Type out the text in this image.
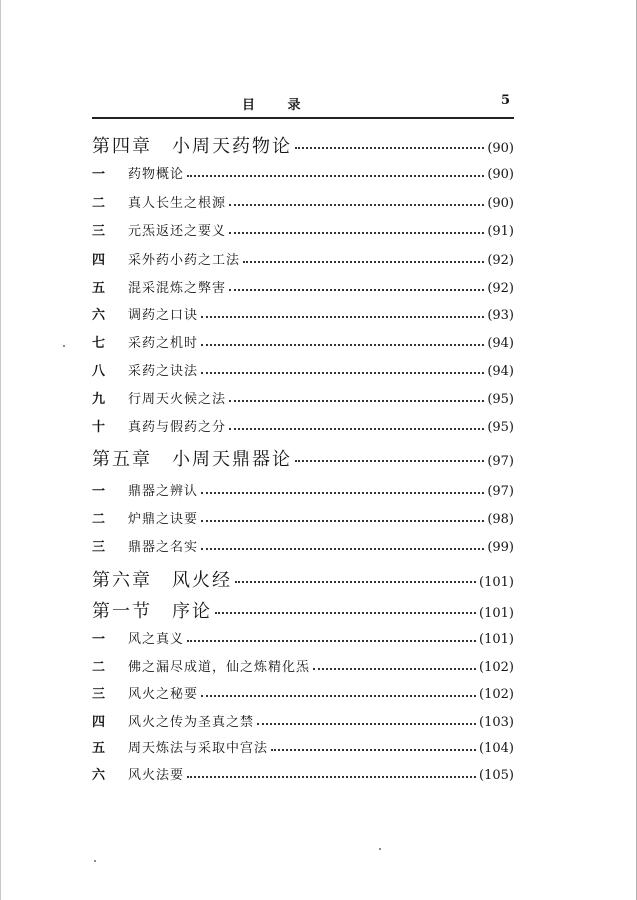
目 录	5
第四章　小周天药物论	(90)
一	药物概论	(90)
二	真人长生之根源	(90)
三	元炁返还之要义	(91)
四	采外药小药之工法	(92)
五	混采混炼之弊害	(92)
六	调药之口诀	(93)
七	采药之机时	(94)
八	采药之诀法	(94)
九	行周天火候之法	(95)
十	真药与假药之分	(95)
第五章　小周天鼎器论	(97)
一	鼎器之辨认	(97)
二	炉鼎之诀要	(98)
三	鼎器之名实	(99)
第六章　风火经	(101)
第一节　序论	(101)
一	风之真义	(101)
二	佛之漏尽成道，仙之炼精化炁	(102)
三	风火之秘要	(102)
四	风火之传为圣真之禁	(103)
五	周天炼法与采取中宫法	(104)
六	风火法要	(105)
